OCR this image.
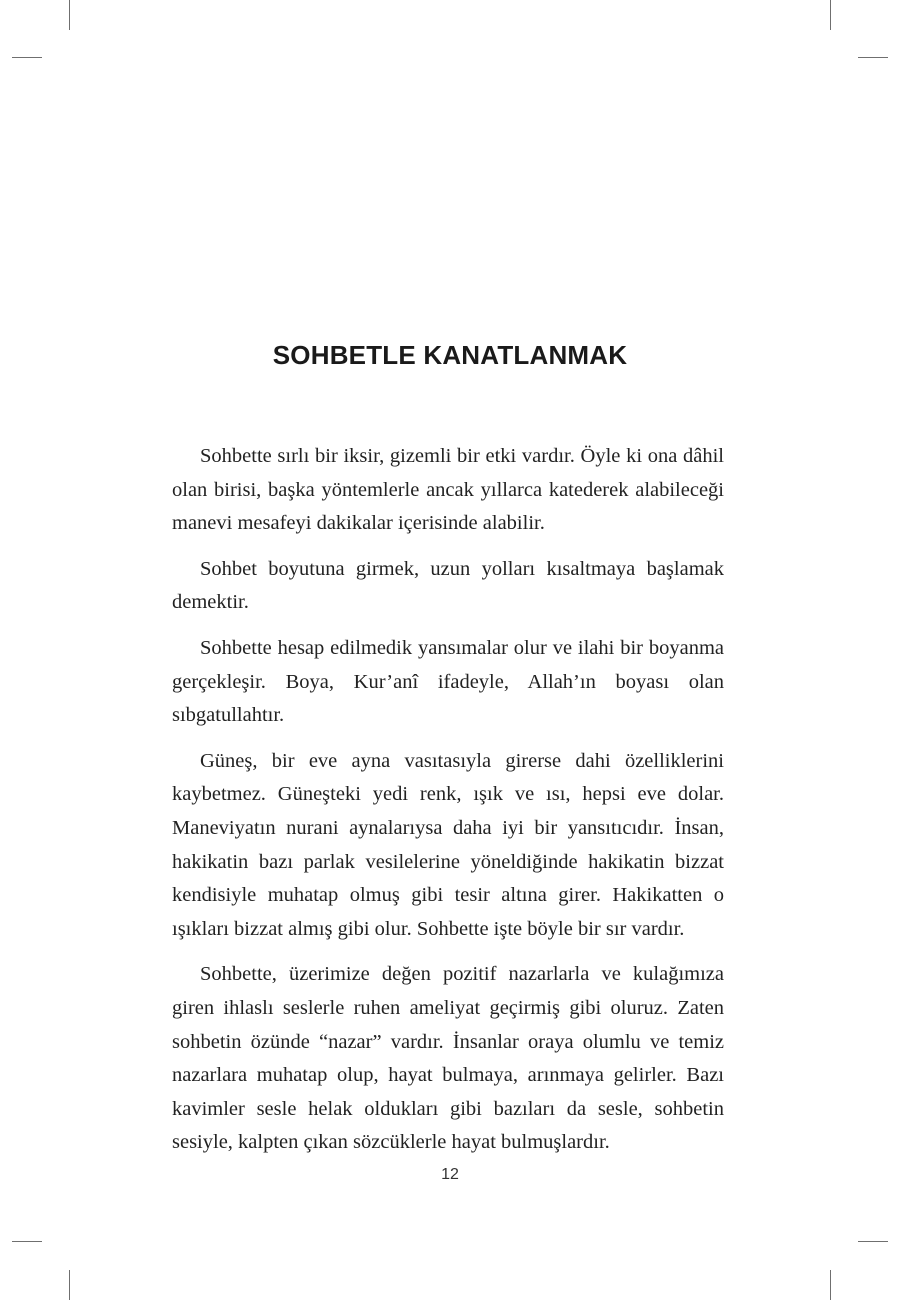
SOHBETLE KANATLANMAK

Sohbette sırlı bir iksir, gizemli bir etki vardır. Öyle ki ona dâhil olan birisi, başka yöntemlerle ancak yıllarca katederek alabileceği manevi mesafeyi dakikalar içerisinde alabilir.

Sohbet boyutuna girmek, uzun yolları kısaltmaya başlamak demektir.

Sohbette hesap edilmedik yansımalar olur ve ilahi bir boyanma gerçekleşir. Boya, Kur’anî ifadeyle, Allah’ın boyası olan sıbgatullahtır.

Güneş, bir eve ayna vasıtasıyla girerse dahi özelliklerini kaybetmez. Güneşteki yedi renk, ışık ve ısı, hepsi eve dolar. Maneviyatın nurani aynalarıysa daha iyi bir yansıtıcıdır. İnsan, hakikatin bazı parlak vesilelerine yöneldiğinde hakikatin bizzat kendisiyle muhatap olmuş gibi tesir altına girer. Hakikatten o ışıkları bizzat almış gibi olur. Sohbette işte böyle bir sır vardır.

Sohbette, üzerimize değen pozitif nazarlarla ve kulağımıza giren ihlaslı seslerle ruhen ameliyat geçirmiş gibi oluruz. Zaten sohbetin özünde “nazar” vardır. İnsanlar oraya olumlu ve temiz nazarlara muhatap olup, hayat bulmaya, arınmaya gelirler. Bazı kavimler sesle helak oldukları gibi bazıları da sesle, sohbetin sesiyle, kalpten çıkan sözcüklerle hayat bulmuşlardır.

12
